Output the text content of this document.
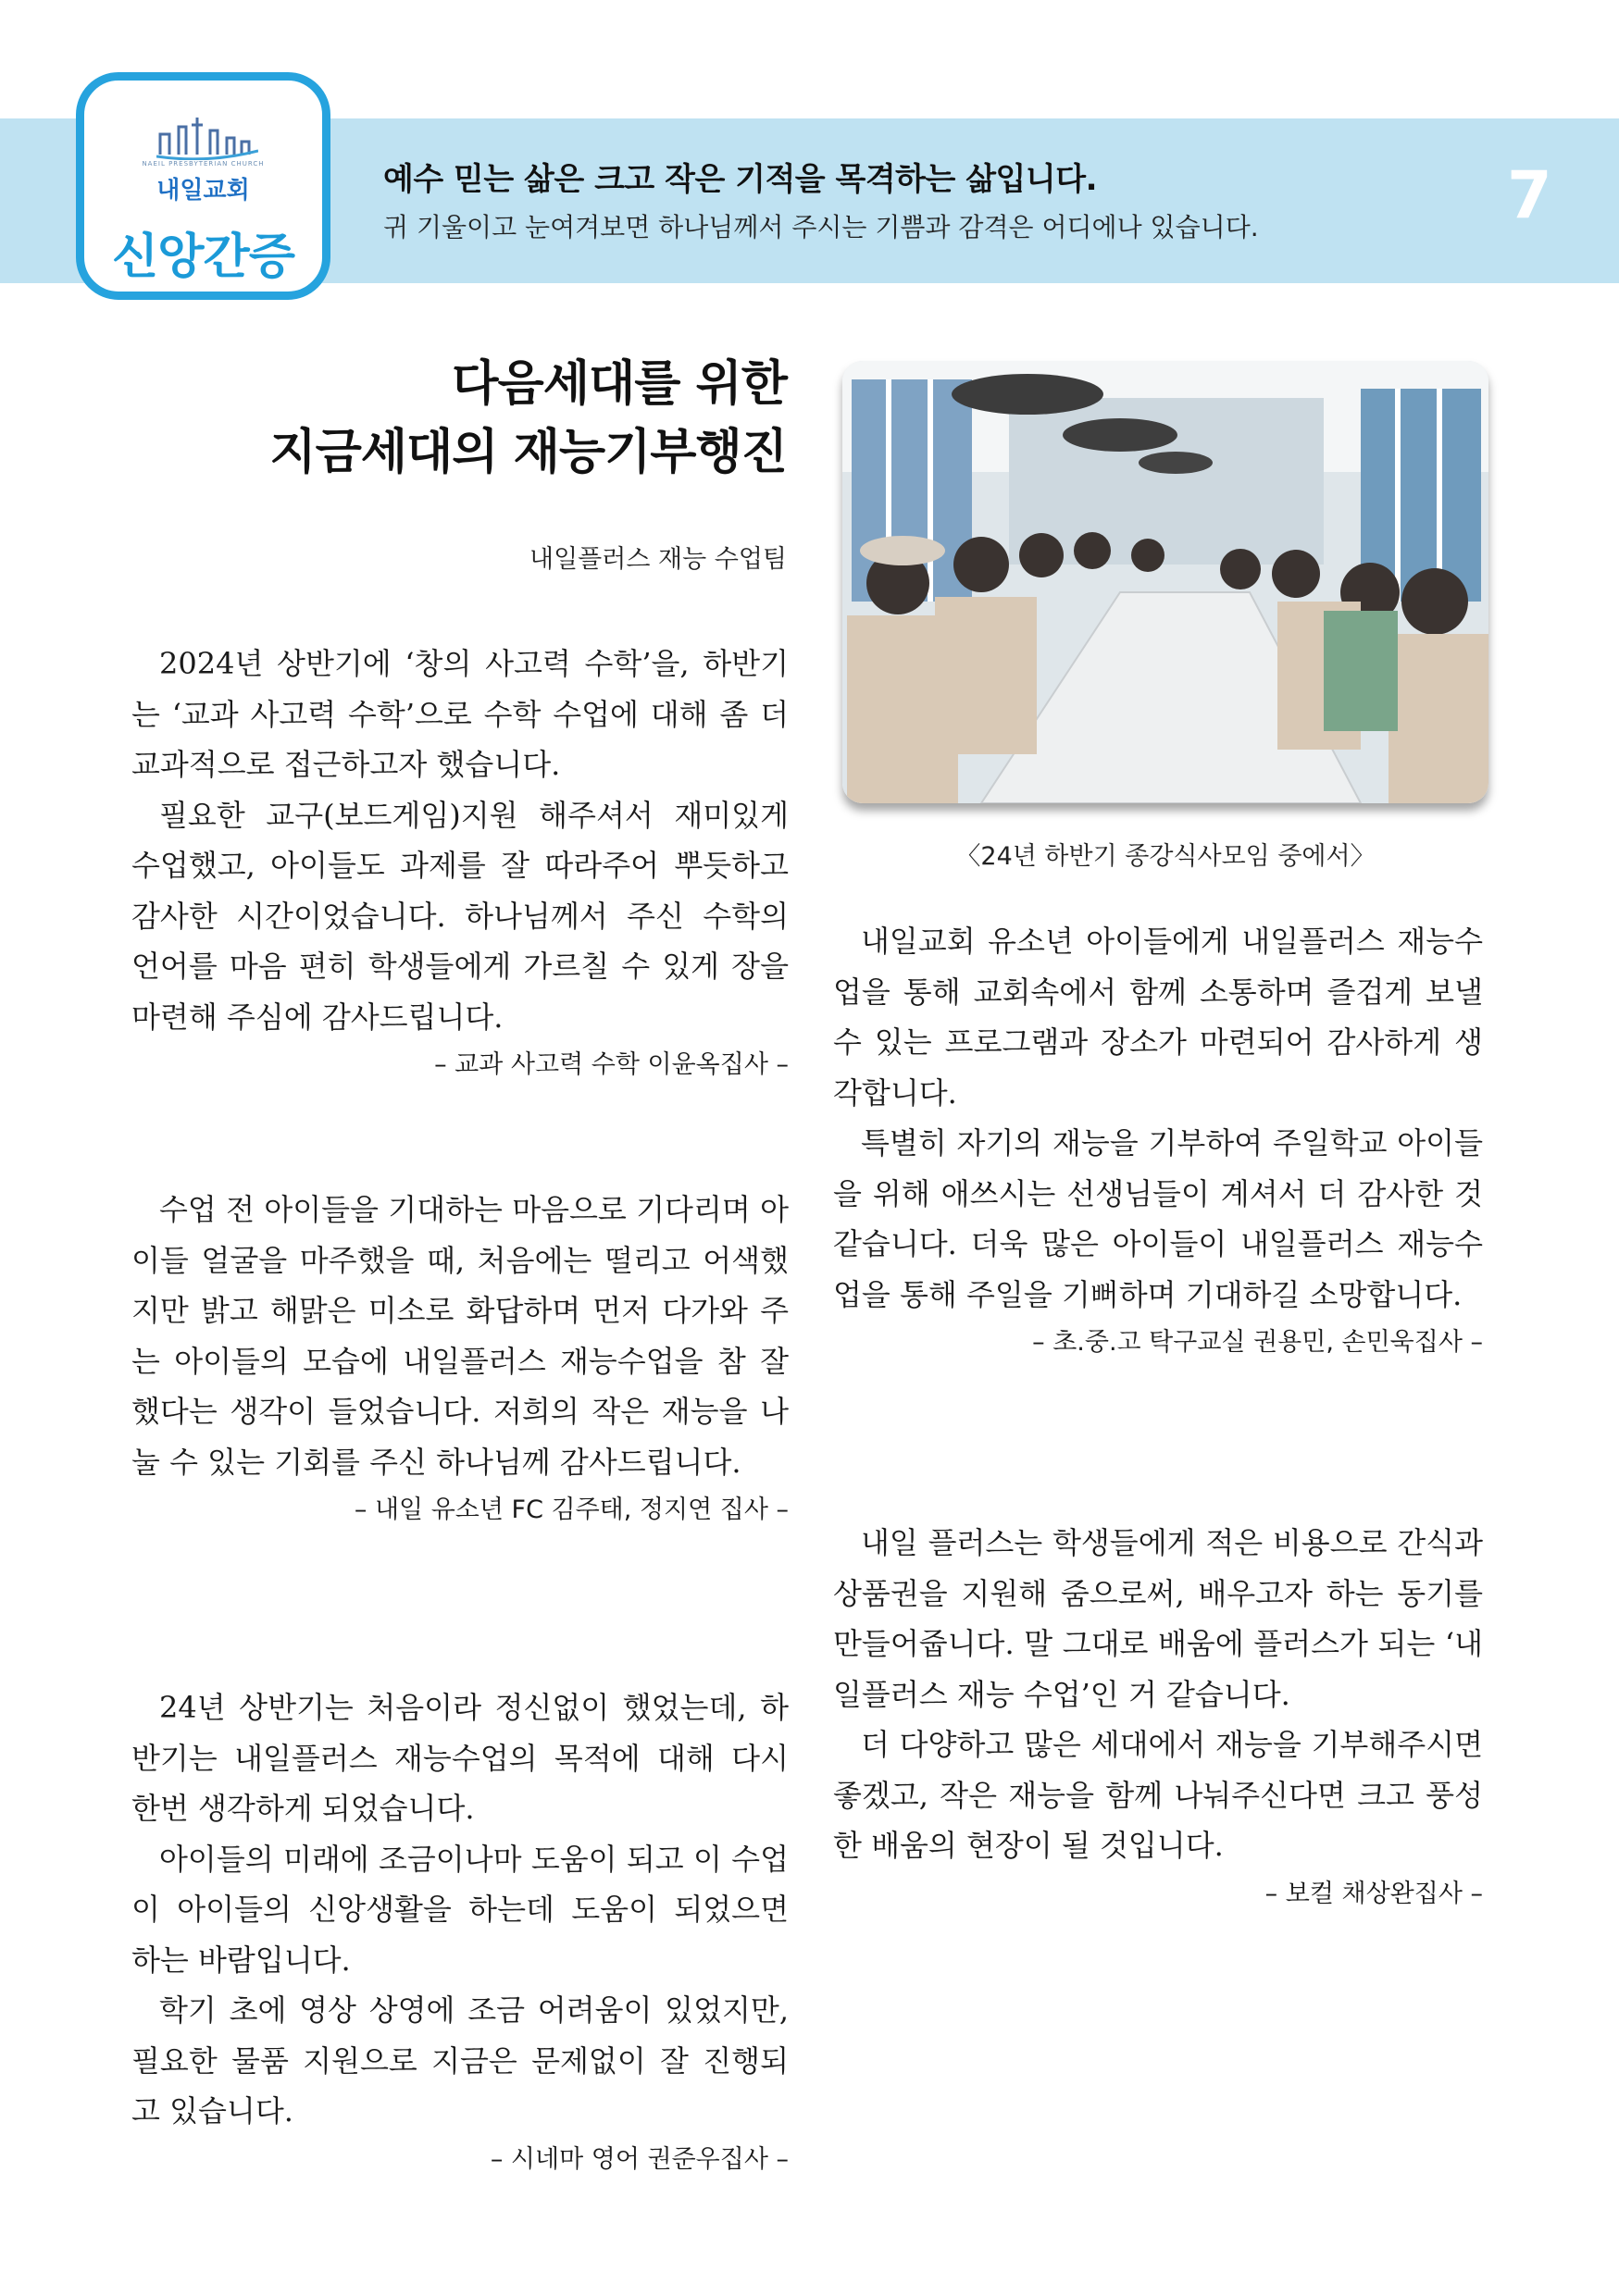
NAEIL PRESBYTERIAN CHURCH
내일교회
신앙간증
예수 믿는 삶은 크고 작은 기적을 목격하는 삶입니다.
귀 기울이고 눈여겨보면 하나님께서 주시는 기쁨과 감격은 어디에나 있습니다.	7
다음세대를 위한
지금세대의 재능기부행진
내일플러스 재능 수업팀

2024년 상반기에 ‘창의 사고력 수학’을, 하반기는 ‘교과 사고력 수학’으로 수학 수업에 대해 좀 더 교과적으로 접근하고자 했습니다.

필요한 교구(보드게임)지원 해주셔서 재미있게 수업했고, 아이들도 과제를 잘 따라주어 뿌듯하고 감사한 시간이었습니다. 하나님께서 주신 수학의 언어를 마음 편히 학생들에게 가르칠 수 있게 장을 마련해 주심에 감사드립니다.

– 교과 사고력 수학 이윤옥집사 –

수업 전 아이들을 기대하는 마음으로 기다리며 아이들 얼굴을 마주했을 때, 처음에는 떨리고 어색했지만 밝고 해맑은 미소로 화답하며 먼저 다가와 주는 아이들의 모습에 내일플러스 재능수업을 참 잘했다는 생각이 들었습니다. 저희의 작은 재능을 나눌 수 있는 기회를 주신 하나님께 감사드립니다.

– 내일 유소년 FC 김주태, 정지연 집사 –

24년 상반기는 처음이라 정신없이 했었는데, 하반기는 내일플러스 재능수업의 목적에 대해 다시 한번 생각하게 되었습니다.

아이들의 미래에 조금이나마 도움이 되고 이 수업이 아이들의 신앙생활을 하는데 도움이 되었으면 하는 바람입니다.

학기 초에 영상 상영에 조금 어려움이 있었지만, 필요한 물품 지원으로 지금은 문제없이 잘 진행되고 있습니다.

– 시네마 영어 권준우집사 –

〈24년 하반기 종강식사모임 중에서〉

내일교회 유소년 아이들에게 내일플러스 재능수업을 통해 교회속에서 함께 소통하며 즐겁게 보낼 수 있는 프로그램과 장소가 마련되어 감사하게 생각합니다.

특별히 자기의 재능을 기부하여 주일학교 아이들을 위해 애쓰시는 선생님들이 계셔서 더 감사한 것 같습니다. 더욱 많은 아이들이 내일플러스 재능수업을 통해 주일을 기뻐하며 기대하길 소망합니다.

– 초.중.고 탁구교실 권용민, 손민욱집사 –

내일 플러스는 학생들에게 적은 비용으로 간식과 상품권을 지원해 줌으로써, 배우고자 하는 동기를 만들어줍니다. 말 그대로 배움에 플러스가 되는 ‘내일플러스 재능 수업’인 거 같습니다.

더 다양하고 많은 세대에서 재능을 기부해주시면 좋겠고, 작은 재능을 함께 나눠주신다면 크고 풍성한 배움의 현장이 될 것입니다.

– 보컬 채상완집사 –
